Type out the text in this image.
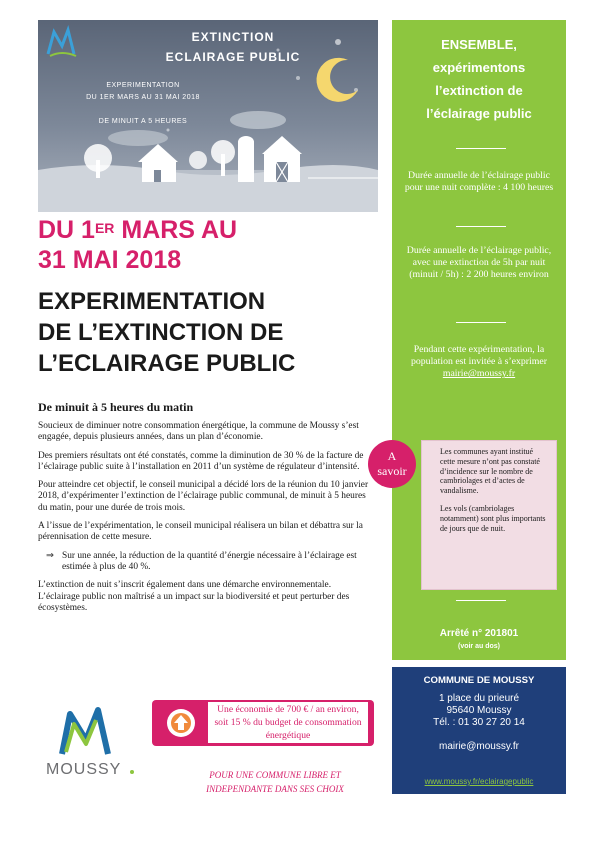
EXTINCTION
ECLAIRAGE PUBLIC
EXPERIMENTATION
DU 1ER MARS AU 31 MAI 2018
DE MINUIT A 5 HEURES
DU 1ER MARS AU
31 MAI 2018
EXPERIMENTATION
DE L’EXTINCTION DE
L’ECLAIRAGE PUBLIC
De minuit à 5 heures du matin

Soucieux de diminuer notre consommation énergétique, la commune de Moussy s’est engagée, depuis plusieurs années, dans un plan d’économie.

Des premiers résultats ont été constatés, comme la diminution de 30 % de la facture de l’éclairage public suite à l’installation en 2011 d’un système de régulateur d’intensité.

Pour atteindre cet objectif, le conseil municipal a décidé lors de la réunion du 10 janvier 2018, d’expérimenter l’extinction de l’éclairage public communal, de minuit à 5 heures du matin, pour une durée de trois mois.

A l’issue de l’expérimentation, le conseil municipal réalisera un bilan et débattra sur la pérennisation de cette mesure.

⇒ Sur une année, la réduction de la quantité d’énergie nécessaire à l’éclairage est estimée à plus de 40 %.

L’extinction de nuit s’inscrit également dans une démarche environnementale. L’éclairage public non maîtrisé a un impact sur la biodiversité et peut perturber des écosystèmes.

MOUSSY
Une économie de 700 € / an environ, soit 15 % du budget de consommation énergétique
POUR UNE COMMUNE LIBRE ET
INDEPENDANTE DANS SES CHOIX
ENSEMBLE,
expérimentons
l’extinction de
l’éclairage public
Durée annuelle de l’éclairage public pour une nuit complète : 4 100 heures
Durée annuelle de l’éclairage public, avec une extinction de 5h par nuit (minuit / 5h) : 2 200 heures environ
Pendant cette expérimentation, la population est invitée à s’exprimer
mairie@moussy.fr
Arrêté n° 201801
(voir au dos)

Les communes ayant institué cette mesure n’ont pas constaté d’incidence sur le nombre de cambriolages et d’actes de vandalisme.

Les vols (cambriolages notamment) sont plus importants de jours que de nuit.

A
savoir
COMMUNE DE MOUSSY
1 place du prieuré
95640 Moussy
Tél. : 01 30 27 20 14
mairie@moussy.fr
www.moussy.fr/eclairagepublic
